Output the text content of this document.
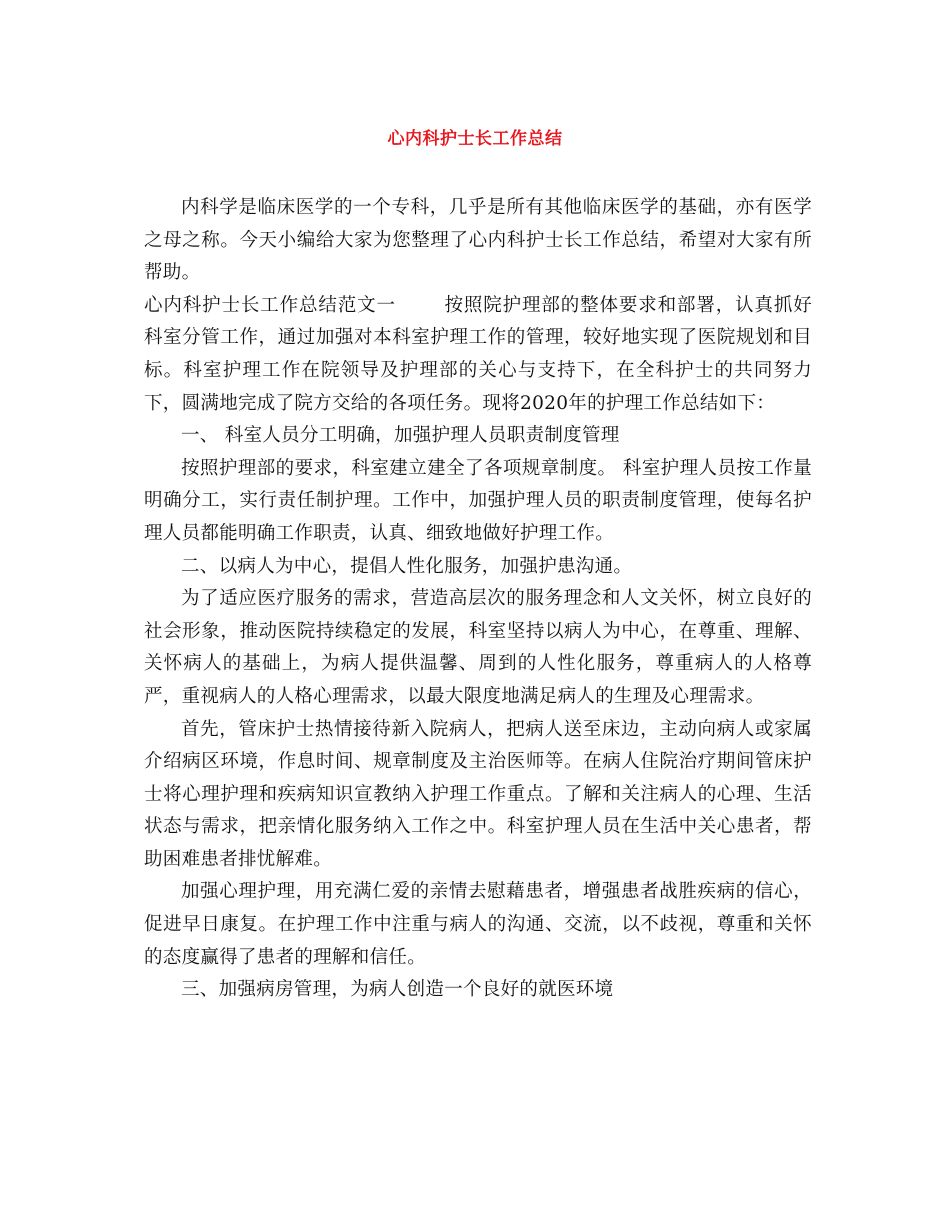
心内科护士长工作总结

内科学是临床医学的一个专科，几乎是所有其他临床医学的基础，亦有医学之母之称。今天小编给大家为您整理了心内科护士长工作总结，希望对大家有所帮助。

心内科护士长工作总结范文一	按照院护理部的整体要求和部署，认真抓好科室分管工作，通过加强对本科室护理工作的管理，较好地实现了医院规划和目标。科室护理工作在院领导及护理部的关心与支持下，在全科护士的共同努力下，圆满地完成了院方交给的各项任务。现将2020年的护理工作总结如下：

一、 科室人员分工明确，加强护理人员职责制度管理

按照护理部的要求，科室建立建全了各项规章制度。 科室护理人员按工作量明确分工，实行责任制护理。工作中，加强护理人员的职责制度管理，使每名护理人员都能明确工作职责，认真、细致地做好护理工作。

二、以病人为中心，提倡人性化服务，加强护患沟通。

为了适应医疗服务的需求，营造高层次的服务理念和人文关怀，树立良好的社会形象，推动医院持续稳定的发展，科室坚持以病人为中心，在尊重、理解、关怀病人的基础上，为病人提供温馨、周到的人性化服务，尊重病人的人格尊严，重视病人的人格心理需求，以最大限度地满足病人的生理及心理需求。

首先，管床护士热情接待新入院病人，把病人送至床边，主动向病人或家属介绍病区环境，作息时间、规章制度及主治医师等。在病人住院治疗期间管床护士将心理护理和疾病知识宣教纳入护理工作重点。了解和关注病人的心理、生活状态与需求，把亲情化服务纳入工作之中。科室护理人员在生活中关心患者，帮助困难患者排忧解难。

加强心理护理，用充满仁爱的亲情去慰藉患者，增强患者战胜疾病的信心，促进早日康复。在护理工作中注重与病人的沟通、交流，以不歧视，尊重和关怀的态度赢得了患者的理解和信任。

三、加强病房管理，为病人创造一个良好的就医环境
